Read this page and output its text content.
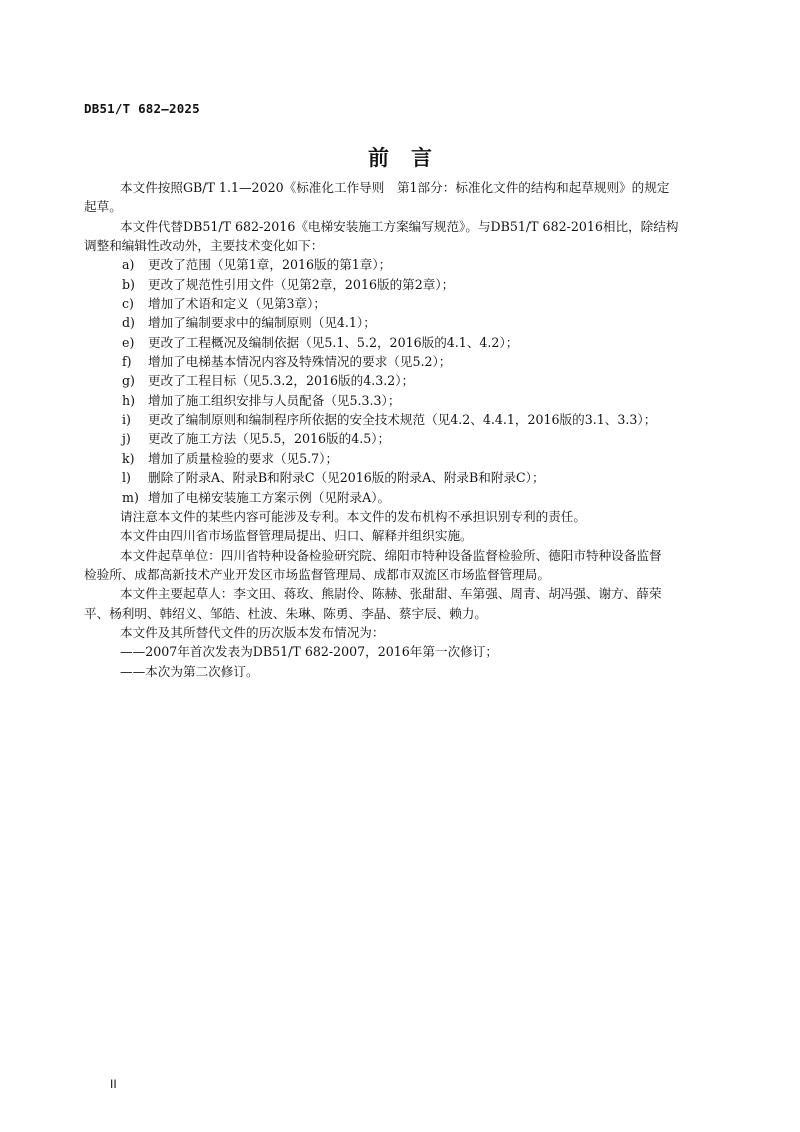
DB51/T 682—2025
前言
本文件按照GB/T 1.1—2020《标准化工作导则　第1部分：标准化文件的结构和起草规则》的规定
起草。
本文件代替DB51/T 682-2016《电梯安装施工方案编写规范》。与DB51/T 682-2016相比，除结构
调整和编辑性改动外，主要技术变化如下：
a)	更改了范围（见第1章，2016版的第1章）；
b)	更改了规范性引用文件（见第2章，2016版的第2章）；
c)	增加了术语和定义（见第3章）；
d)	增加了编制要求中的编制原则（见4.1）；
e)	更改了工程概况及编制依据（见5.1、5.2，2016版的4.1、4.2）；
f)	增加了电梯基本情况内容及特殊情况的要求（见5.2）；
g)	更改了工程目标（见5.3.2，2016版的4.3.2）；
h)	增加了施工组织安排与人员配备（见5.3.3）；
i)	更改了编制原则和编制程序所依据的安全技术规范（见4.2、4.4.1，2016版的3.1、3.3）；
j)	更改了施工方法（见5.5，2016版的4.5）；
k)	增加了质量检验的要求（见5.7）；
l)	删除了附录A、附录B和附录C（见2016版的附录A、附录B和附录C）；
m) 增加了电梯安装施工方案示例（见附录A）。
请注意本文件的某些内容可能涉及专利。本文件的发布机构不承担识别专利的责任。
本文件由四川省市场监督管理局提出、归口、解释并组织实施。
本文件起草单位：四川省特种设备检验研究院、绵阳市特种设备监督检验所、德阳市特种设备监督
检验所、成都高新技术产业开发区市场监督管理局、成都市双流区市场监督管理局。
本文件主要起草人：李文田、蒋玫、熊尉伶、陈赫、张甜甜、车第强、周青、胡冯强、谢方、薛荣
平、杨利明、韩绍义、邹皓、杜波、朱琳、陈勇、李晶、蔡宇辰、赖力。
本文件及其所替代文件的历次版本发布情况为：
——2007年首次发表为DB51/T 682-2007，2016年第一次修订；
——本次为第二次修订。
II
